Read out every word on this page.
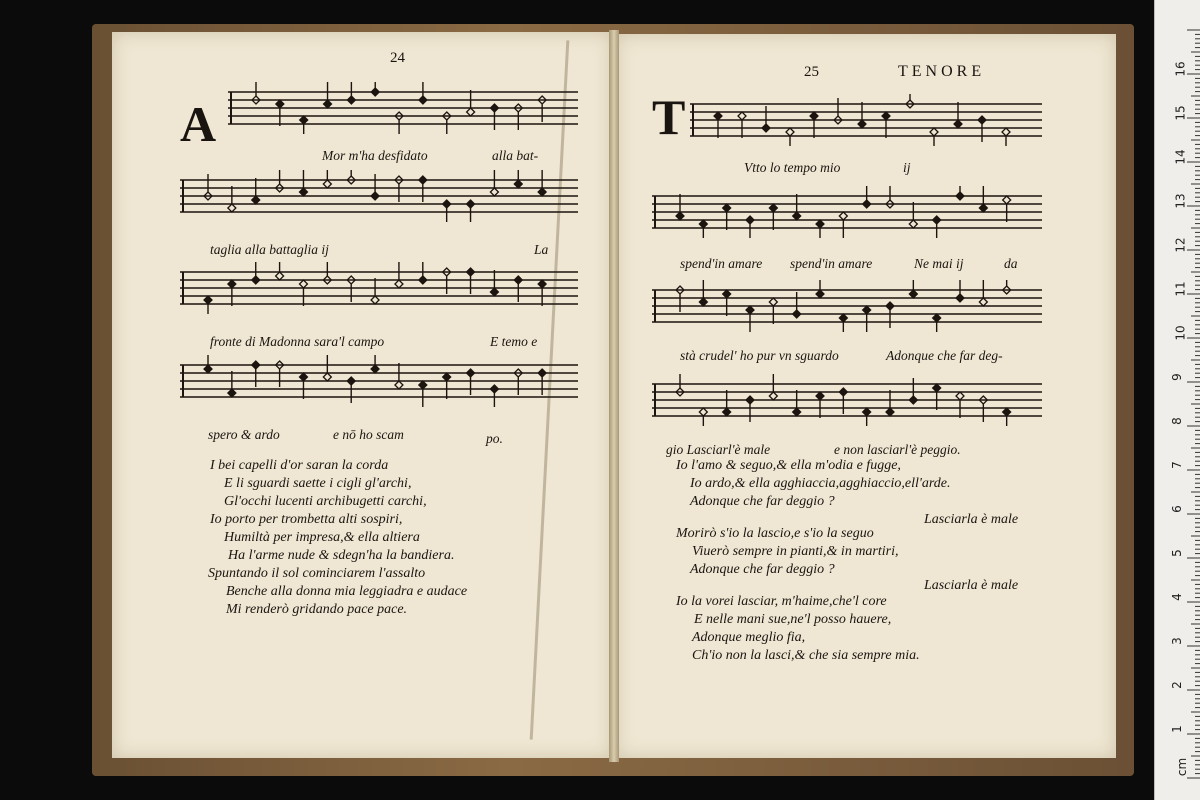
24
A
Mor m'ha desfidato	alla bat-
taglia alla battaglia ij	La
fronte di Madonna sara'l campo	E temo e
spero & ardo	e nō ho scam	po.
I bei capelli d'or saran la corda
E li sguardi saette i cigli gl'archi,
Gl'occhi lucenti archibugetti carchi,
Io porto per trombetta alti sospiri,
Humiltà per impresa,& ella altiera
Ha l'arme nude & sdegn'ha la bandiera.
Spuntando il sol cominciarem l'assalto
Benche alla donna mia leggiadra e audace
Mi renderò gridando pace pace.
25	TENORE
T
Vtto lo tempo mio	ij
spend'in amare spend'in amare	Ne mai ij	da
stà crudel' ho pur vn sguardo	Adonque che far deg-
gio Lasciarl'è male	e non lasciarl'è peggio.
Io l'amo & seguo,& ella m'odia e fugge,
Io ardo,& ella agghiaccia,agghiaccio,ell'arde.
Adonque che far deggio ?
Lasciarla è male
Morirò s'io la lascio,e s'io la seguo
Viuerò sempre in pianti,& in martiri,
Adonque che far deggio ?
Lasciarla è male
Io la vorei lasciar, m'haime,che'l core
E nelle mani sue,ne'l posso hauere,
Adonque meglio fia,
Ch'io non la lasci,& che sia sempre mia.
cm
1
2
3
4
5
6
7
8
9
10
11
12
13
14
15
16
